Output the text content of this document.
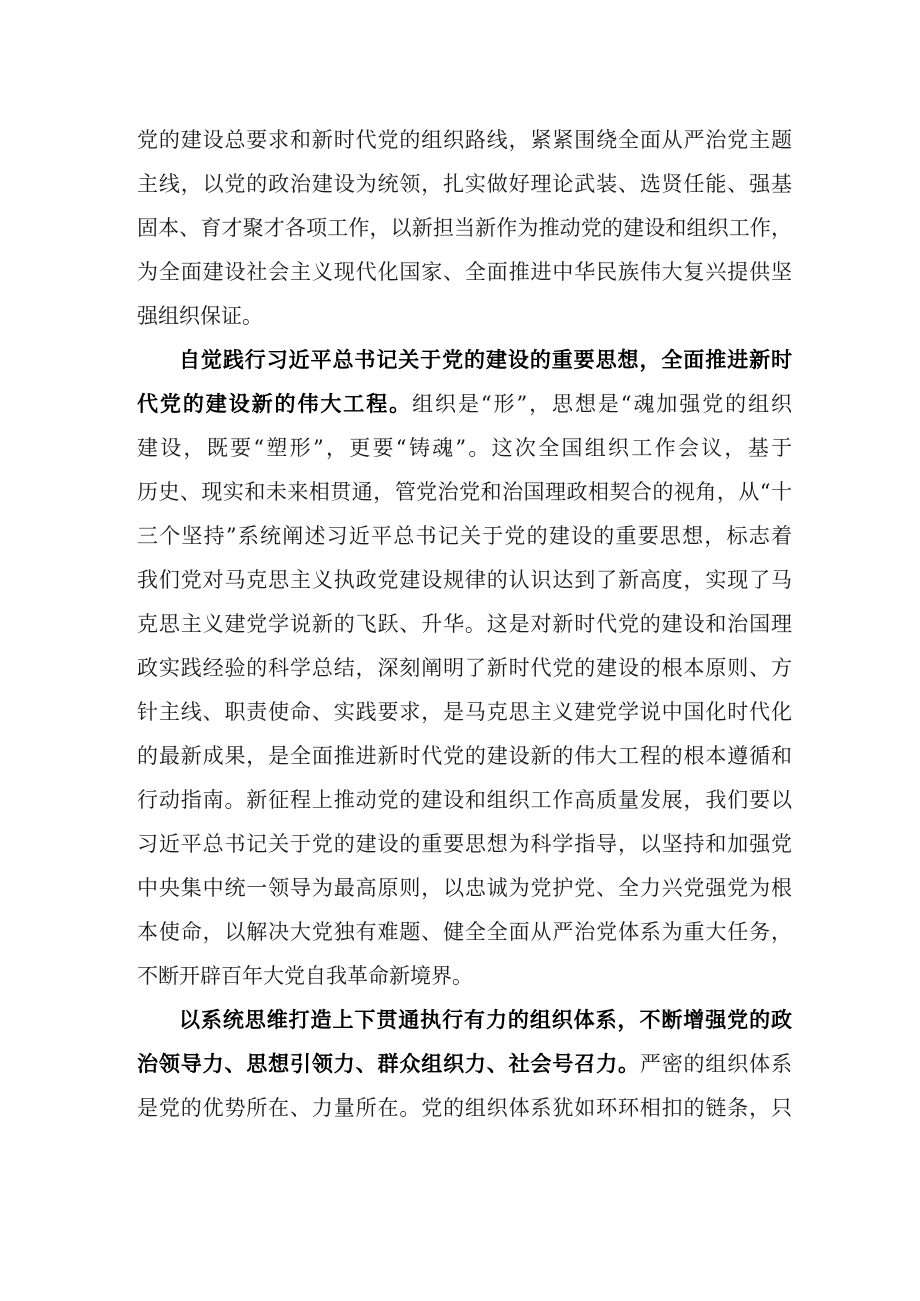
党的建设总要求和新时代党的组织路线，紧紧围绕全面从严治党主题
主线，以党的政治建设为统领，扎实做好理论武装、选贤任能、强基
固本、育才聚才各项工作，以新担当新作为推动党的建设和组织工作，
为全面建设社会主义现代化国家、全面推进中华民族伟大复兴提供坚
强组织保证。
自觉践行习近平总书记关于党的建设的重要思想，全面推进新时
代党的建设新的伟大工程。组织是“形”，思想是“魂加强党的组织
建设，既要“塑形”，更要“铸魂”。这次全国组织工作会议，基于
历史、现实和未来相贯通，管党治党和治国理政相契合的视角，从“十
三个坚持”系统阐述习近平总书记关于党的建设的重要思想，标志着
我们党对马克思主义执政党建设规律的认识达到了新高度，实现了马
克思主义建党学说新的飞跃、升华。这是对新时代党的建设和治国理
政实践经验的科学总结，深刻阐明了新时代党的建设的根本原则、方
针主线、职责使命、实践要求，是马克思主义建党学说中国化时代化
的最新成果，是全面推进新时代党的建设新的伟大工程的根本遵循和
行动指南。新征程上推动党的建设和组织工作高质量发展，我们要以
习近平总书记关于党的建设的重要思想为科学指导，以坚持和加强党
中央集中统一领导为最高原则，以忠诚为党护党、全力兴党强党为根
本使命，以解决大党独有难题、健全全面从严治党体系为重大任务，
不断开辟百年大党自我革命新境界。
以系统思维打造上下贯通执行有力的组织体系，不断增强党的政
治领导力、思想引领力、群众组织力、社会号召力。严密的组织体系
是党的优势所在、力量所在。党的组织体系犹如环环相扣的链条，只
